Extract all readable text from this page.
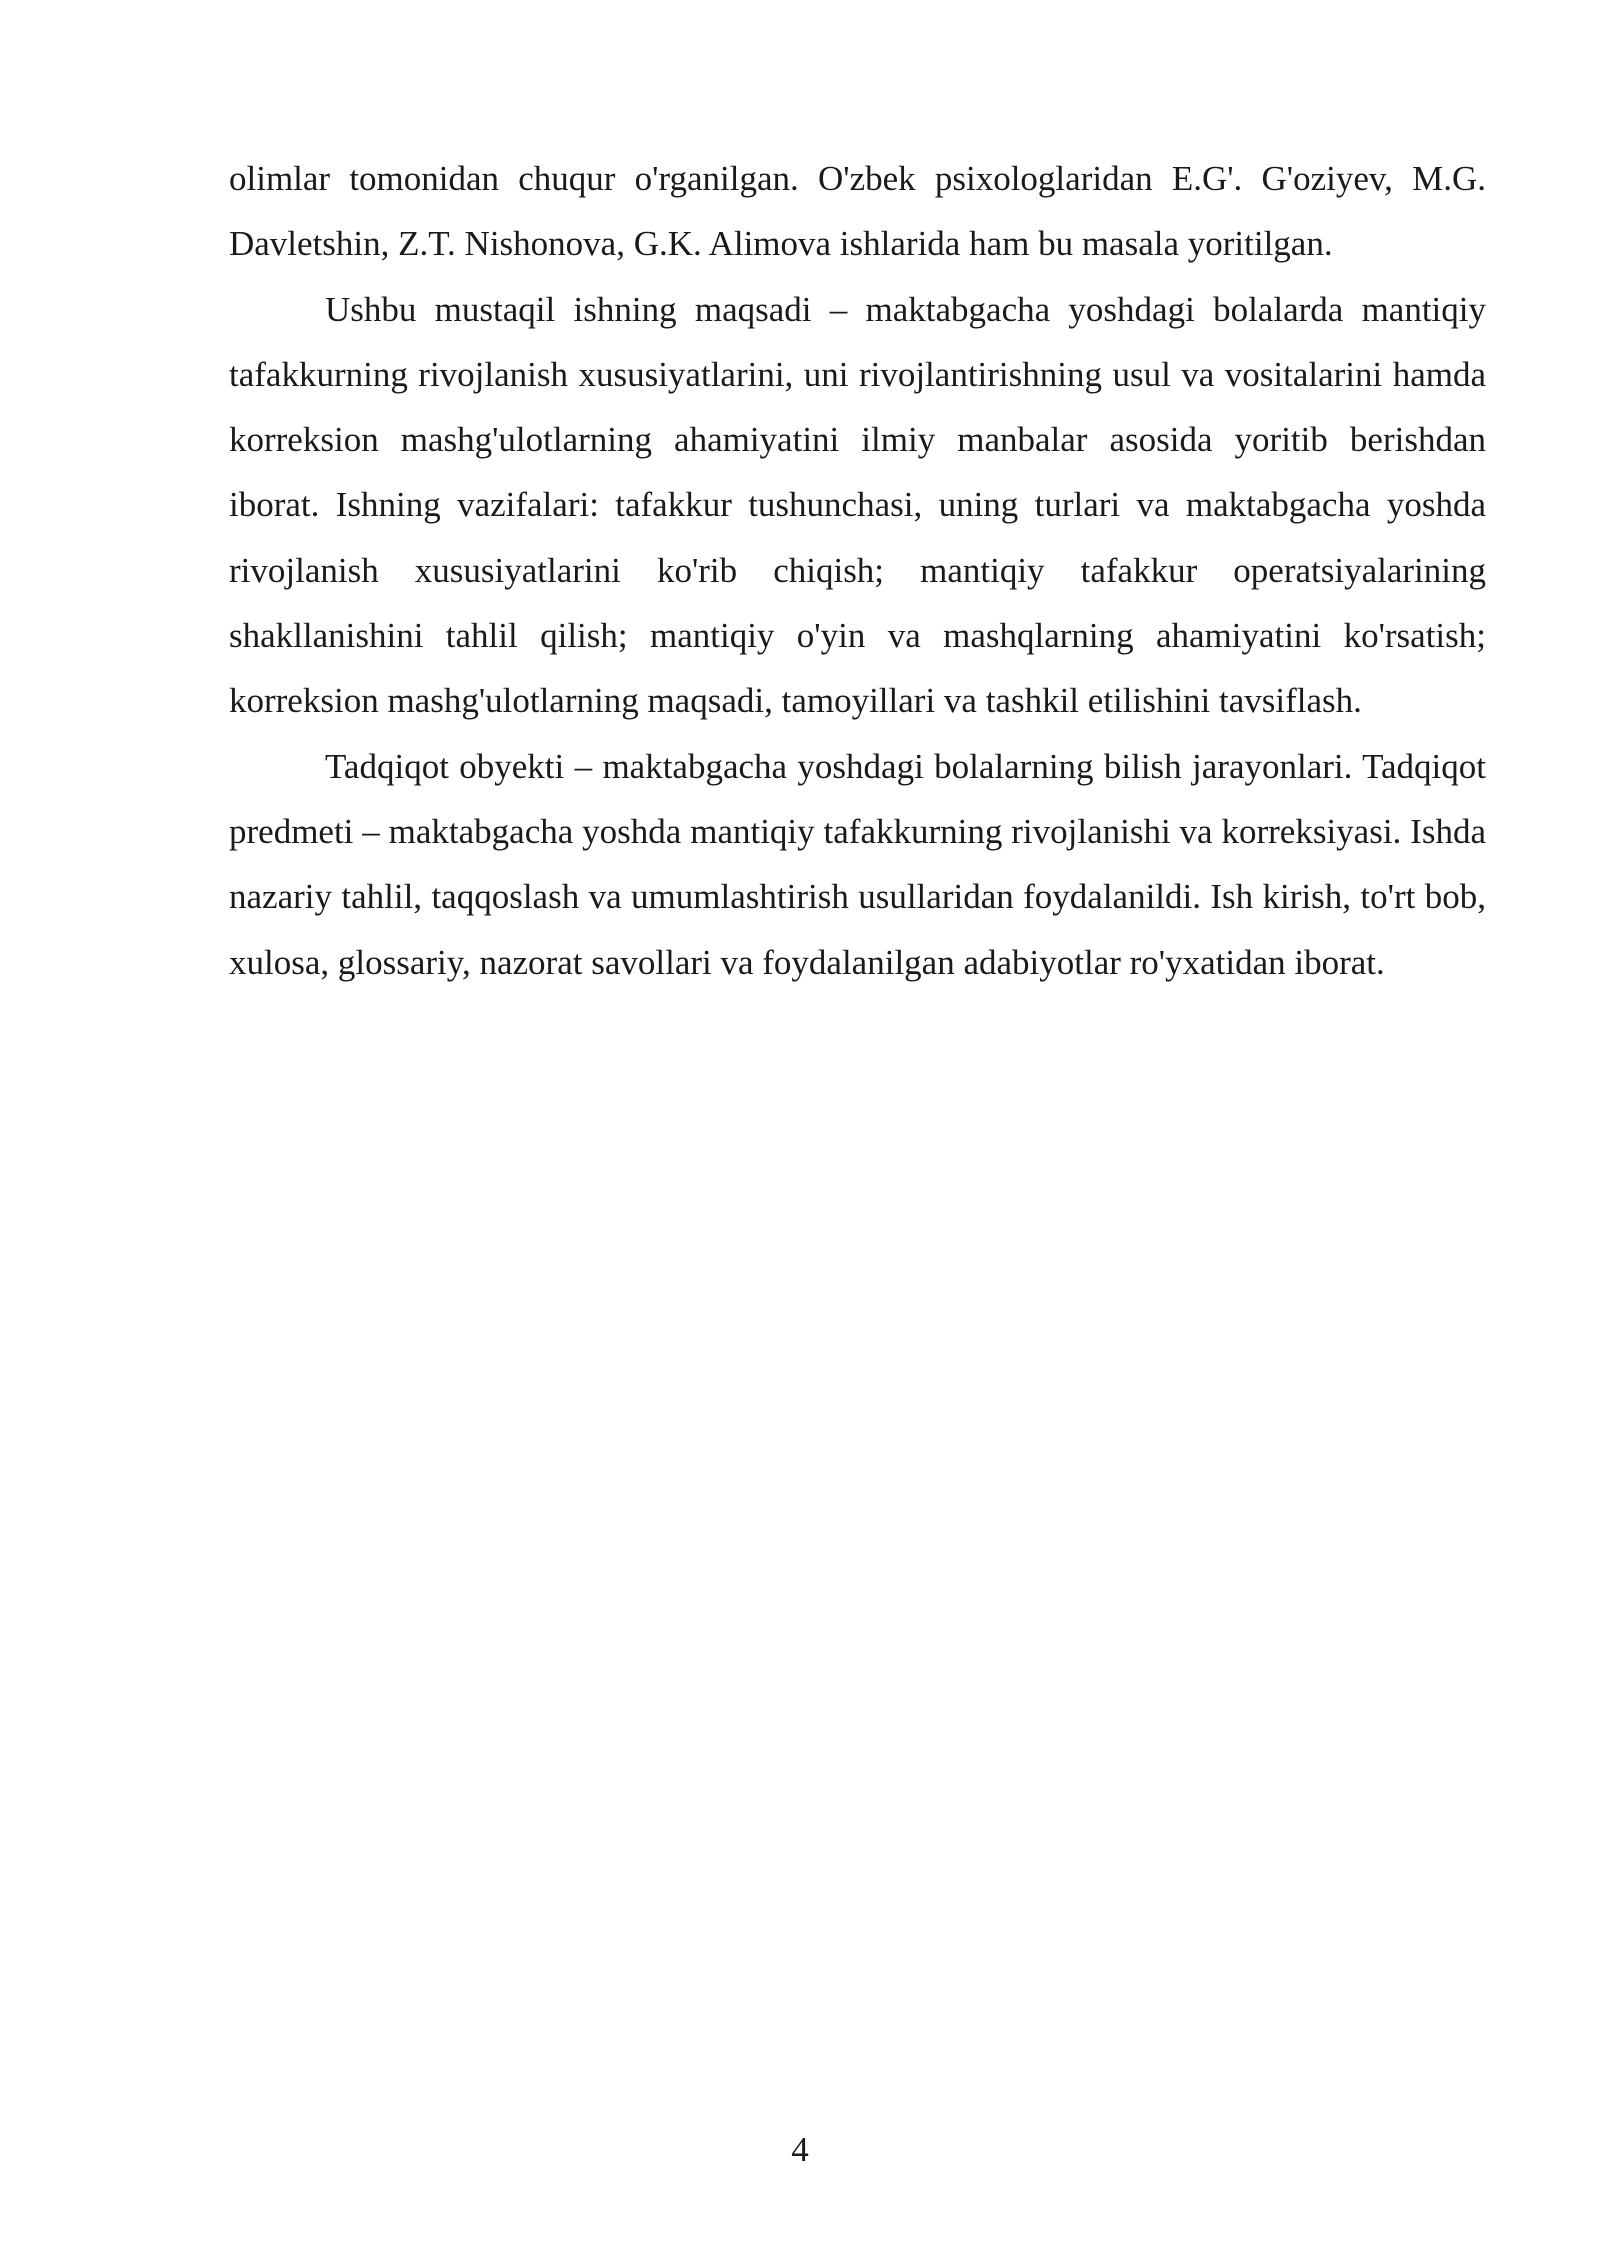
olimlar tomonidan chuqur o'rganilgan. O'zbek psixologlaridan E.G'. G'oziyev, M.G. Davletshin, Z.T. Nishonova, G.K. Alimova ishlarida ham bu masala yoritilgan.

Ushbu mustaqil ishning maqsadi – maktabgacha yoshdagi bolalarda mantiqiy tafakkurning rivojlanish xususiyatlarini, uni rivojlantirishning usul va vositalarini hamda korreksion mashg'ulotlarning ahamiyatini ilmiy manbalar asosida yoritib berishdan iborat. Ishning vazifalari: tafakkur tushunchasi, uning turlari va maktabgacha yoshda rivojlanish xususiyatlarini ko'rib chiqish; mantiqiy tafakkur operatsiyalarining shakllanishini tahlil qilish; mantiqiy o'yin va mashqlarning ahamiyatini ko'rsatish; korreksion mashg'ulotlarning maqsadi, tamoyillari va tashkil etilishini tavsiflash.

Tadqiqot obyekti – maktabgacha yoshdagi bolalarning bilish jarayonlari. Tadqiqot predmeti – maktabgacha yoshda mantiqiy tafakkurning rivojlanishi va korreksiyasi. Ishda nazariy tahlil, taqqoslash va umumlashtirish usullaridan foydalanildi. Ish kirish, to'rt bob, xulosa, glossariy, nazorat savollari va foydalanilgan adabiyotlar ro'yxatidan iborat.

4
